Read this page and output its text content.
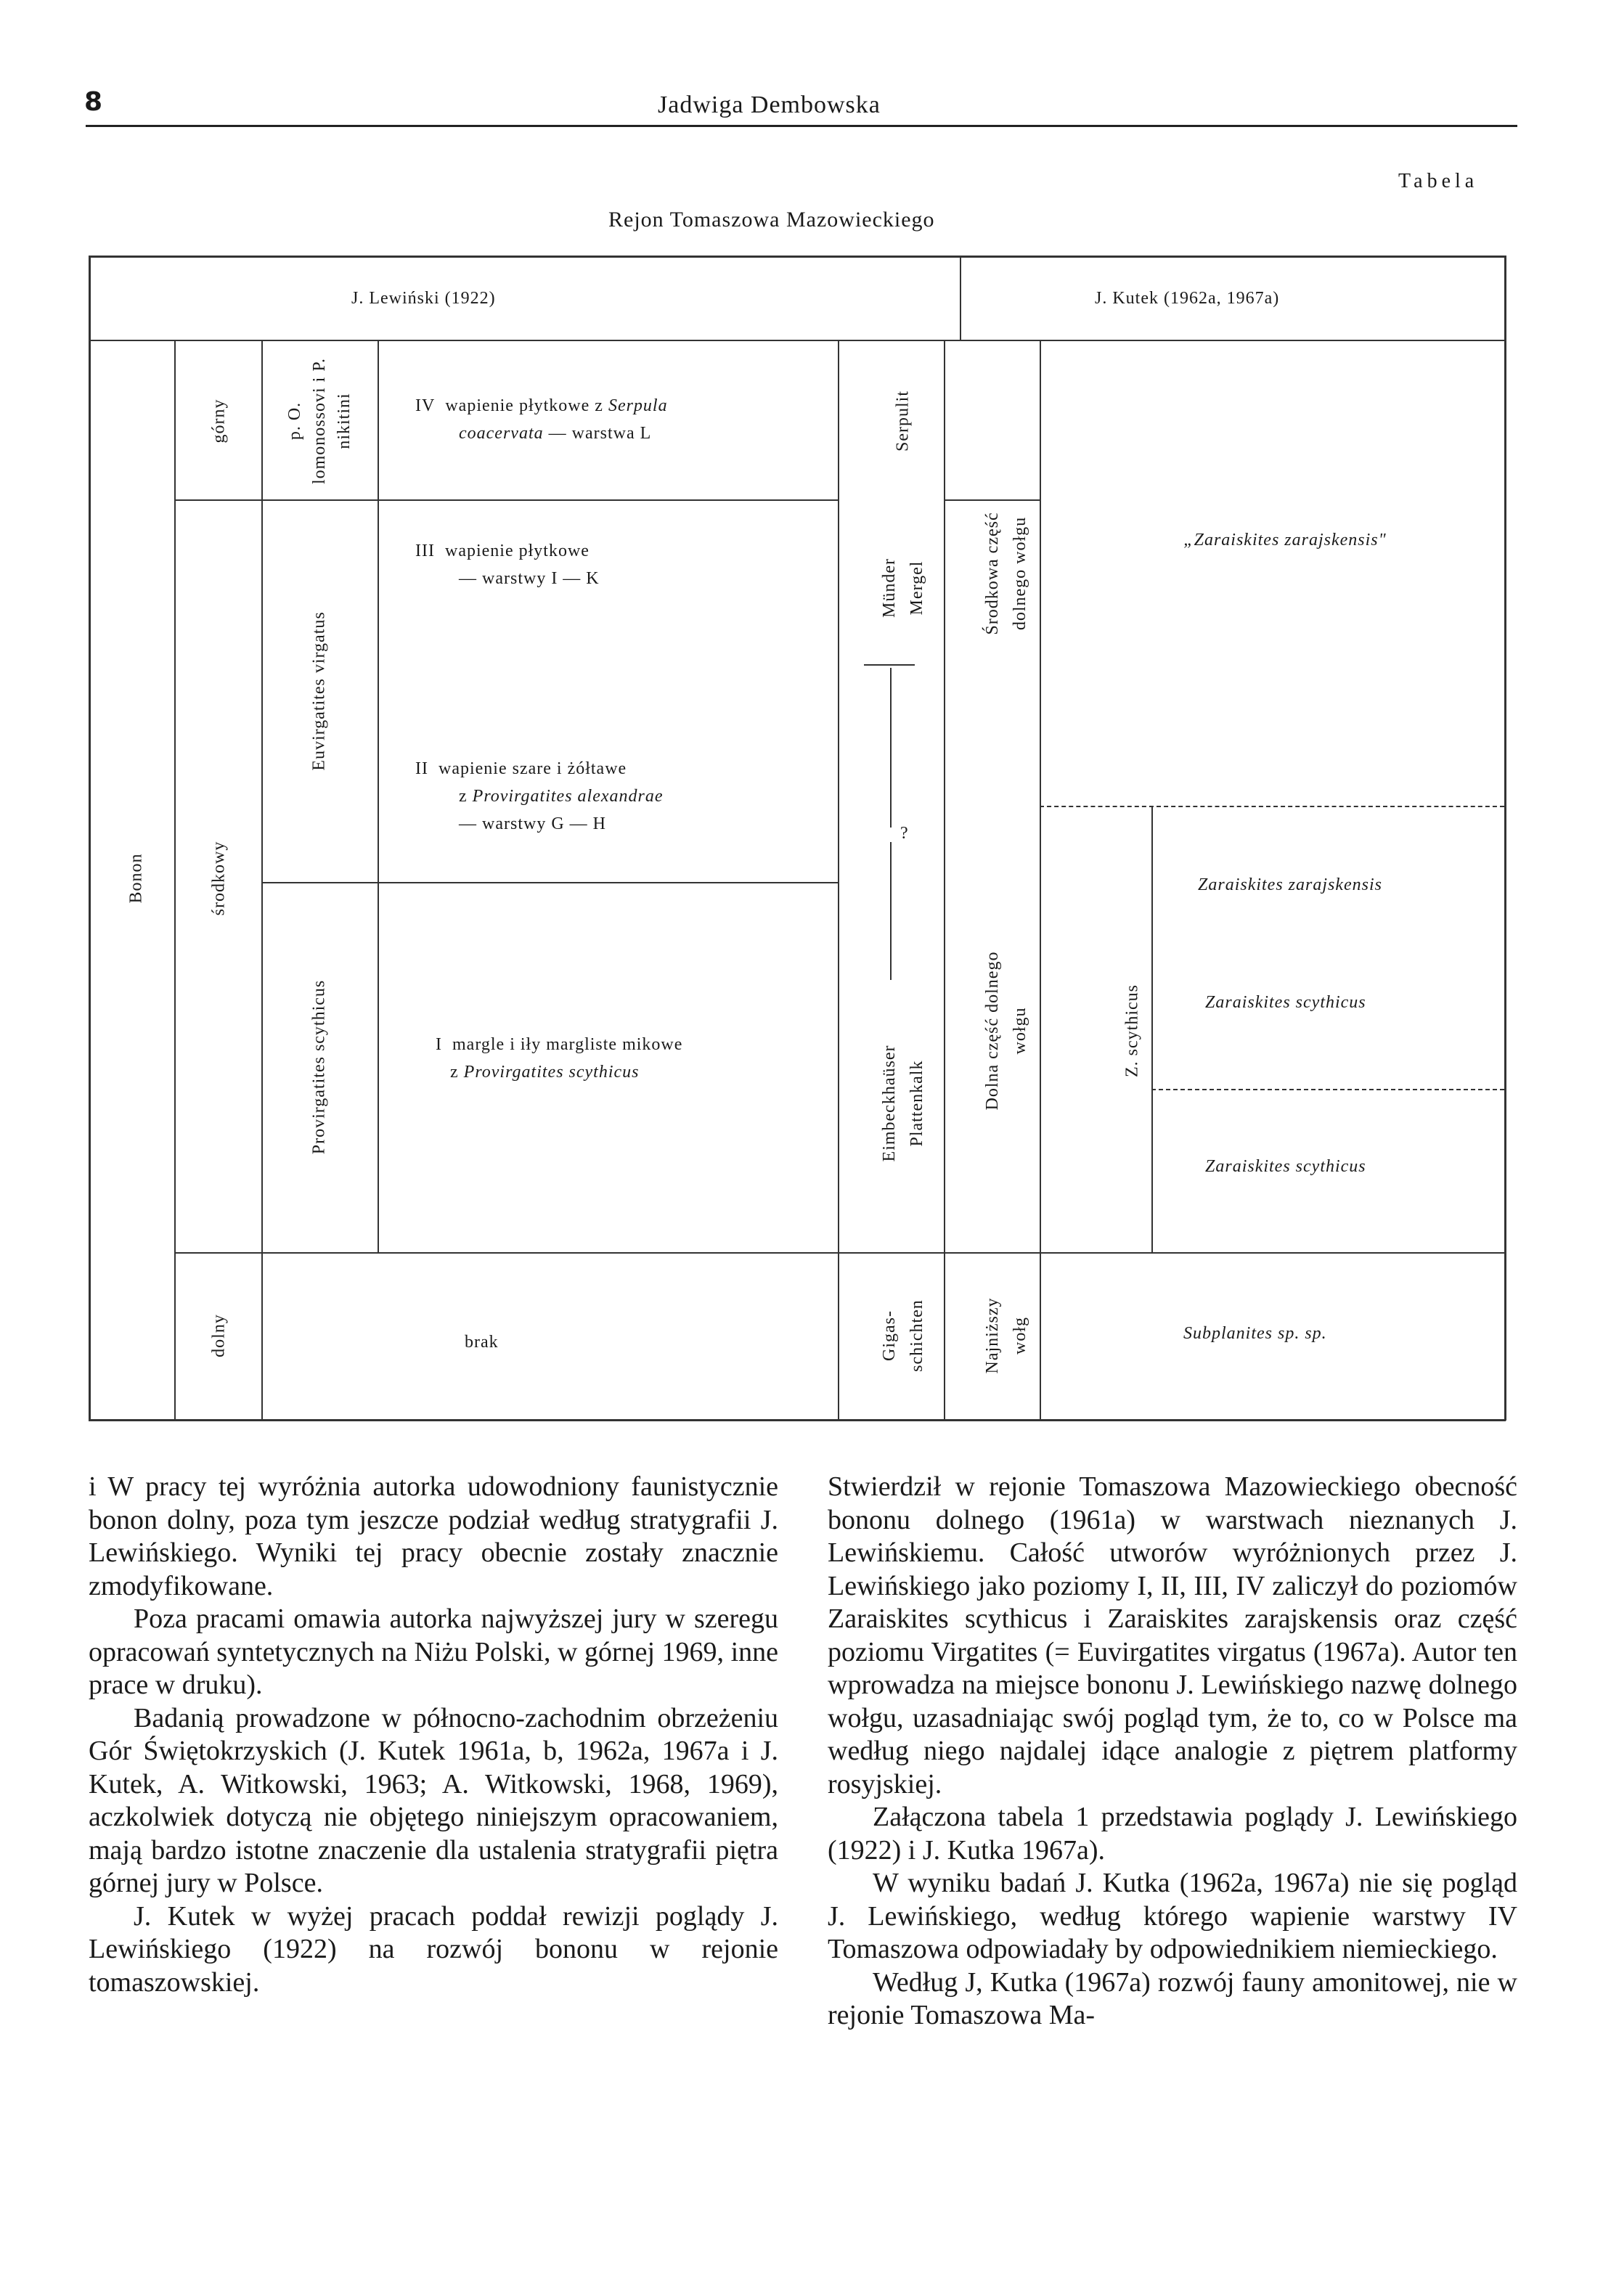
8	Jadwiga Dembowska
Tabela
Rejon Tomaszowa Mazowieckiego
J. Lewiński (1922)	J. Kutek (1962a, 1967a)
Bonon
górny
środkowy
dolny
p. O. lomonossovi i P. nikitini
Euvirgatites virgatus
Provirgatites scythicus
Serpulit
Münder Mergel
?
Eimbeckhaüser Plattenkalk
Gigas-schichten
Środkowa część dolnego wołgu
Dolna część dolnego wołgu
Najniższy wołg
Z. scythicus
IV wapienie płytkowe z Serpula
coacervata — warstwa L
III wapienie płytkowe
— warstwy I — K
II wapienie szare i żółtawe
z Provirgatites alexandrae
— warstwy G — H
I margle i iły margliste mikowe
z Provirgatites scythicus
brak
„Zaraiskites zarajskensis"
Zaraiskites zarajskensis
Zaraiskites scythicus
Zaraiskites scythicus
Subplanites sp. sp.

i W pracy tej wyróżnia autorka udowodniony faunistycznie bonon dolny, poza tym jeszcze podział według stratygrafii J. Lewińskiego. Wyniki tej pracy obecnie zostały znacznie zmodyfikowane.

Poza pracami omawia autorka najwyższej jury w szeregu opracowań syntetycznych na Niżu Polski, w górnej 1969, inne prace w druku).

Badanią prowadzone w północno-zachodnim obrzeżeniu Gór Świętokrzyskich (J. Kutek 1961a, b, 1962a, 1967a i J. Kutek, A. Witkowski, 1963; A. Witkowski, 1968, 1969), aczkolwiek dotyczą nie objętego niniejszym opracowaniem, mają bardzo istotne znaczenie dla ustalenia stratygrafii piętra górnej jury w Polsce.

J. Kutek w wyżej pracach poddał rewizji poglądy J. Lewińskiego (1922) na rozwój bononu w rejonie tomaszowskiej.

Stwierdził w rejonie Tomaszowa Mazowieckiego obecność bononu dolnego (1961a) w warstwach nieznanych J. Lewińskiemu. Całość utworów wyróżnionych przez J. Lewińskiego jako poziomy I, II, III, IV zaliczył do poziomów Zaraiskites scythicus i Zaraiskites zarajskensis oraz część poziomu Virgatites (= Euvirgatites virgatus (1967a). Autor ten wprowadza na miejsce bononu J. Lewińskiego nazwę dolnego wołgu, uzasadniając swój pogląd tym, że to, co w Polsce ma według niego najdalej idące analogie z piętrem platformy rosyjskiej.

Załączona tabela 1 przedstawia poglądy J. Lewińskiego (1922) i J. Kutka 1967a).

W wyniku badań J. Kutka (1962a, 1967a) nie się pogląd J. Lewińskiego, według którego wapienie warstwy IV Tomaszowa odpowiadały by odpowiednikiem niemieckiego.

Według J, Kutka (1967a) rozwój fauny amonitowej, nie w rejonie Tomaszowa Ma-
